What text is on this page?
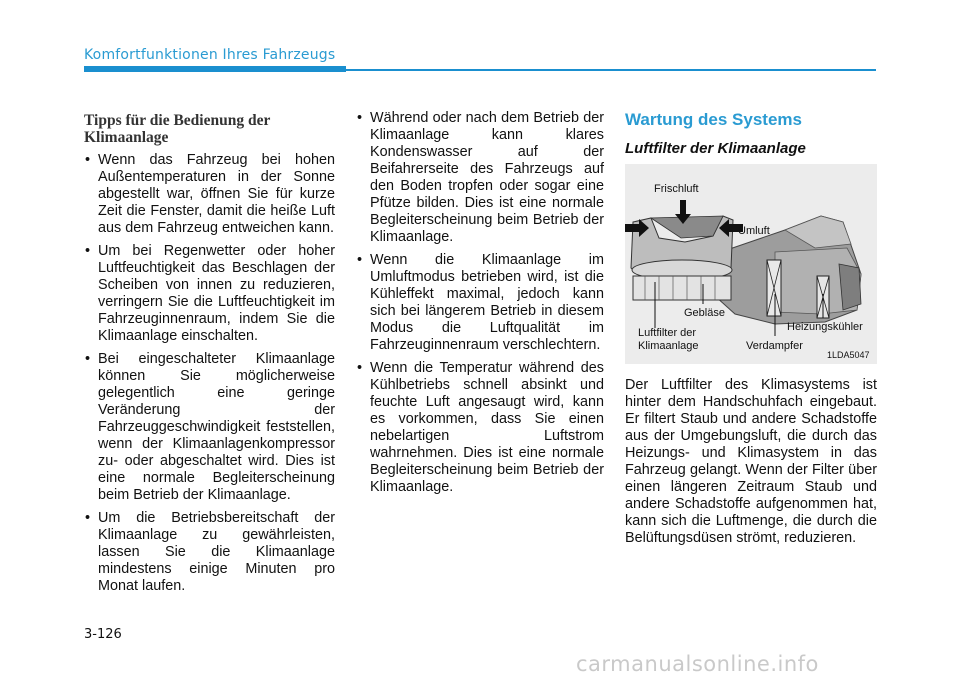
Komfortfunktionen Ihres Fahrzeugs
Tipps für die Bedienung der Klimaanlage
• Wenn das Fahrzeug bei hohen Außentemperaturen in der Sonne abgestellt war, öffnen Sie für kurze Zeit die Fenster, damit die heiße Luft aus dem Fahrzeug entweichen kann.
• Um bei Regenwetter oder hoher Luftfeuchtigkeit das Beschlagen der Scheiben von innen zu reduzieren, verringern Sie die Luftfeuchtigkeit im Fahrzeuginnenraum, indem Sie die Klimaanlage einschalten.
• Bei eingeschalteter Klimaanlage können Sie möglicherweise gelegentlich eine geringe Veränderung der Fahrzeuggeschwindigkeit feststellen, wenn der Klimaanlagenkompressor zu- oder abgeschaltet wird. Dies ist eine normale Begleiterscheinung beim Betrieb der Klimaanlage.
• Um die Betriebsbereitschaft der Klimaanlage zu gewährleisten, lassen Sie die Klimaanlage mindestens einige Minuten pro Monat laufen.
• Während oder nach dem Betrieb der Klimaanlage kann klares Kondenswasser auf der Beifahrerseite des Fahrzeugs auf den Boden tropfen oder sogar eine Pfütze bilden. Dies ist eine normale Begleiterscheinung beim Betrieb der Klimaanlage.
• Wenn die Klimaanlage im Umluftmodus betrieben wird, ist die Kühleffekt maximal, jedoch kann sich bei längerem Betrieb in diesem Modus die Luftqualität im Fahrzeuginnenraum verschlechtern.
• Wenn die Temperatur während des Kühlbetriebs schnell absinkt und feuchte Luft angesaugt wird, kann es vorkommen, dass Sie einen nebelartigen Luftstrom wahrnehmen. Dies ist eine normale Begleiterscheinung beim Betrieb der Klimaanlage.
Wartung des Systems
Luftfilter der Klimaanlage
Frischluft
Umluft
Gebläse
Heizungskühler
Luftfilter der
Klimaanlage	Verdampfer
1LDA5047

Der Luftfilter des Klimasystems ist hinter dem Handschuhfach eingebaut. Er filtert Staub und andere Schadstoffe aus der Umgebungsluft, die durch das Heizungs- und Klimasystem in das Fahrzeug gelangt. Wenn der Filter über einen längeren Zeitraum Staub und andere Schadstoffe aufgenommen hat, kann sich die Luftmenge, die durch die Belüftungsdüsen strömt, reduzieren.

3-126
carmanualsonline.info
